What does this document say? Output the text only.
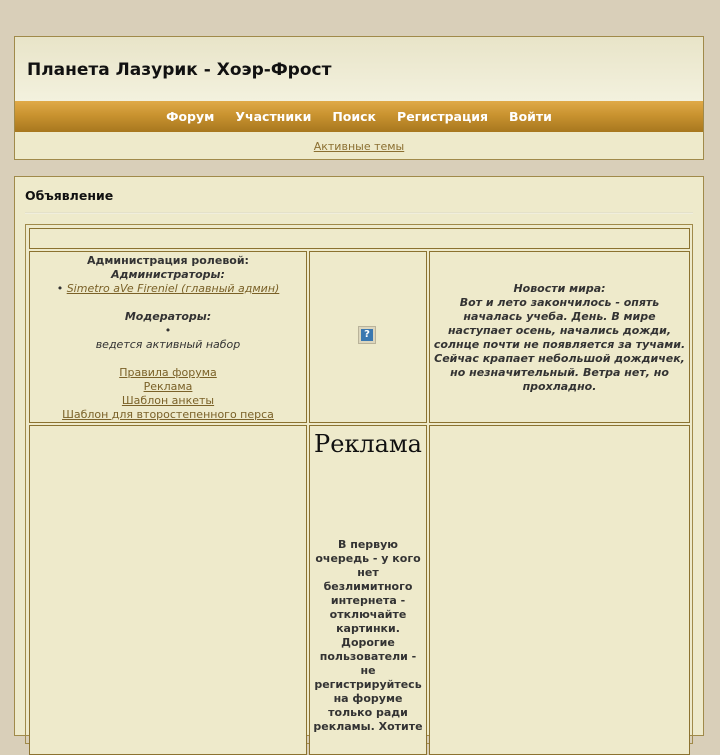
Планета Лазурик - Хоэр-Фрост
Форум Участники Поиск Регистрация Войти
Активные темы
Объявление
Администрация ролевой:
Администраторы:
• Simetro aVe Fireniel (главный админ)
Модераторы:
•
ведется активный набор
Правила форума
Реклама
Шаблон анкеты
Шаблон для второстепенного перса
?
Новости мира:
Вот и лето закончилось - опять началась учеба. День. В мире наступает осень, начались дожди, солнце почти не появляется за тучами. Сейчас крапает небольшой дождичек, но незначительный. Ветра нет, но прохладно.
Реклама
В первую очередь - у кого нет безлимитного интернета - отключайте картинки. Дорогие пользователи - не регистрируйтесь на форуме только ради рекламы. Хотите
